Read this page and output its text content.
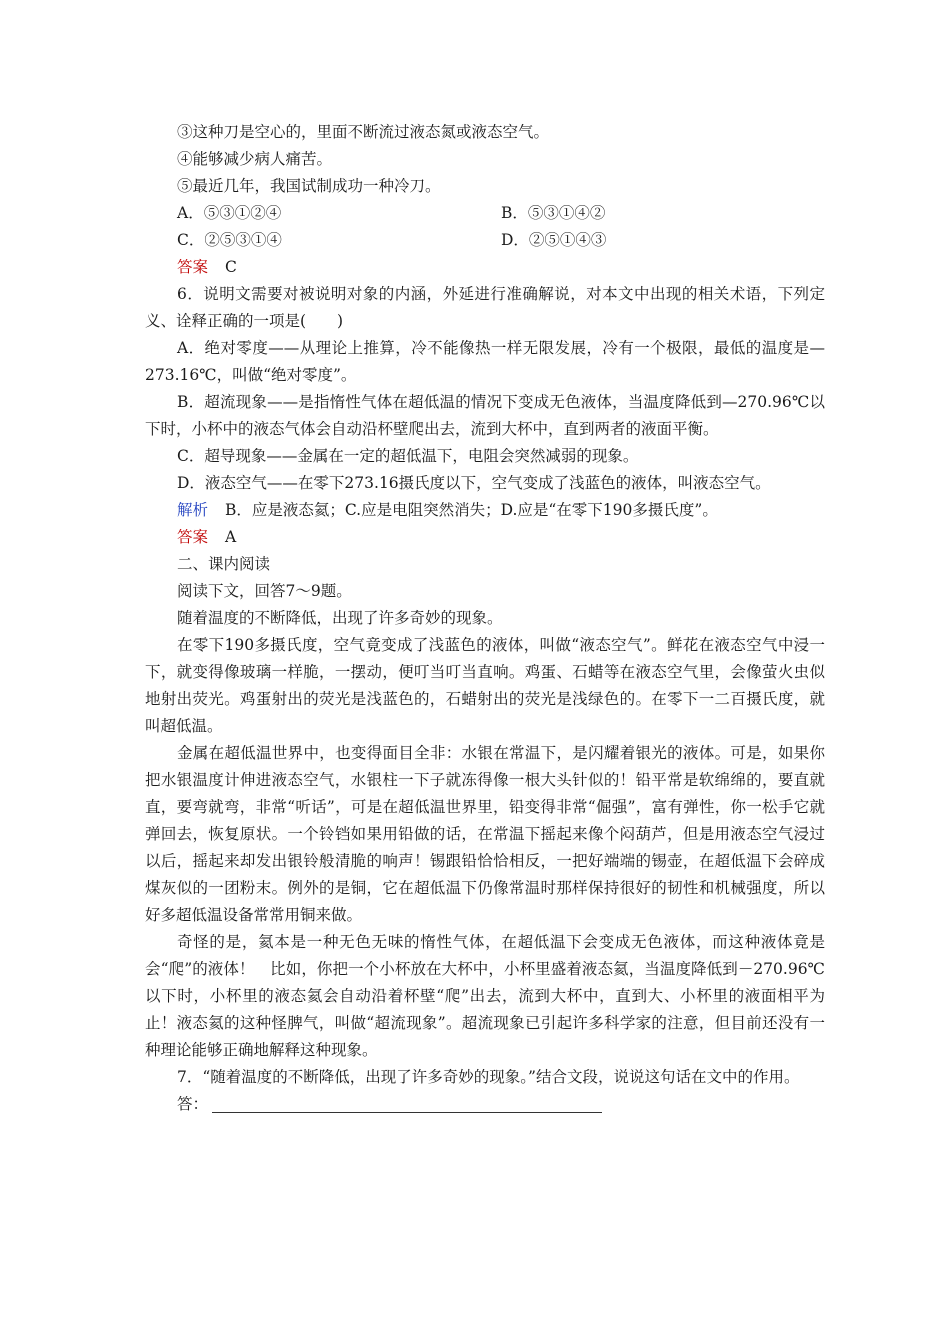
③这种刀是空心的，里面不断流过液态氮或液态空气。
④能够减少病人痛苦。
⑤最近几年，我国试制成功一种冷刀。
A．⑤③①②④	B．⑤③①④②
C．②⑤③①④	D．②⑤①④③
答案 C
6．说明文需要对被说明对象的内涵，外延进行准确解说，对本文中出现的相关术语，下列定义、诠释正确的一项是(　　)
A．绝对零度——从理论上推算，冷不能像热一样无限发展，冷有一个极限，最低的温度是—273.16℃，叫做“绝对零度”。
B．超流现象——是指惰性气体在超低温的情况下变成无色液体，当温度降低到—270.96℃以下时，小杯中的液态气体会自动沿杯壁爬出去，流到大杯中，直到两者的液面平衡。
C．超导现象——金属在一定的超低温下，电阻会突然减弱的现象。
D．液态空气——在零下273.16摄氏度以下，空气变成了浅蓝色的液体，叫液态空气。
解析 B．应是液态氦；C.应是电阻突然消失；D.应是“在零下190多摄氏度”。
答案 A
二、课内阅读
阅读下文，回答7～9题。
随着温度的不断降低，出现了许多奇妙的现象。
在零下190多摄氏度，空气竟变成了浅蓝色的液体，叫做“液态空气”。鲜花在液态空气中浸一下，就变得像玻璃一样脆，一摆动，便叮当叮当直响。鸡蛋、石蜡等在液态空气里，会像萤火虫似地射出荧光。鸡蛋射出的荧光是浅蓝色的，石蜡射出的荧光是浅绿色的。在零下一二百摄氏度，就叫超低温。
金属在超低温世界中，也变得面目全非：水银在常温下，是闪耀着银光的液体。可是，如果你把水银温度计伸进液态空气，水银柱一下子就冻得像一根大头针似的！铅平常是软绵绵的，要直就直，要弯就弯，非常“听话”，可是在超低温世界里，铅变得非常“倔强”，富有弹性，你一松手它就弹回去，恢复原状。一个铃铛如果用铅做的话，在常温下摇起来像个闷葫芦，但是用液态空气浸过以后，摇起来却发出银铃般清脆的响声！锡跟铅恰恰相反，一把好端端的锡壶，在超低温下会碎成煤灰似的一团粉末。例外的是铜，它在超低温下仍像常温时那样保持很好的韧性和机械强度，所以好多超低温设备常常用铜来做。
奇怪的是，氦本是一种无色无味的惰性气体，在超低温下会变成无色液体，而这种液体竟是会“爬”的液体！　比如，你把一个小杯放在大杯中，小杯里盛着液态氦，当温度降低到－270.96℃以下时，小杯里的液态氦会自动沿着杯壁“爬”出去，流到大杯中，直到大、小杯里的液面相平为止！液态氦的这种怪脾气，叫做“超流现象”。超流现象已引起许多科学家的注意，但目前还没有一种理论能够正确地解释这种现象。
7．“随着温度的不断降低，出现了许多奇妙的现象。”结合文段，说说这句话在文中的作用。
答：
